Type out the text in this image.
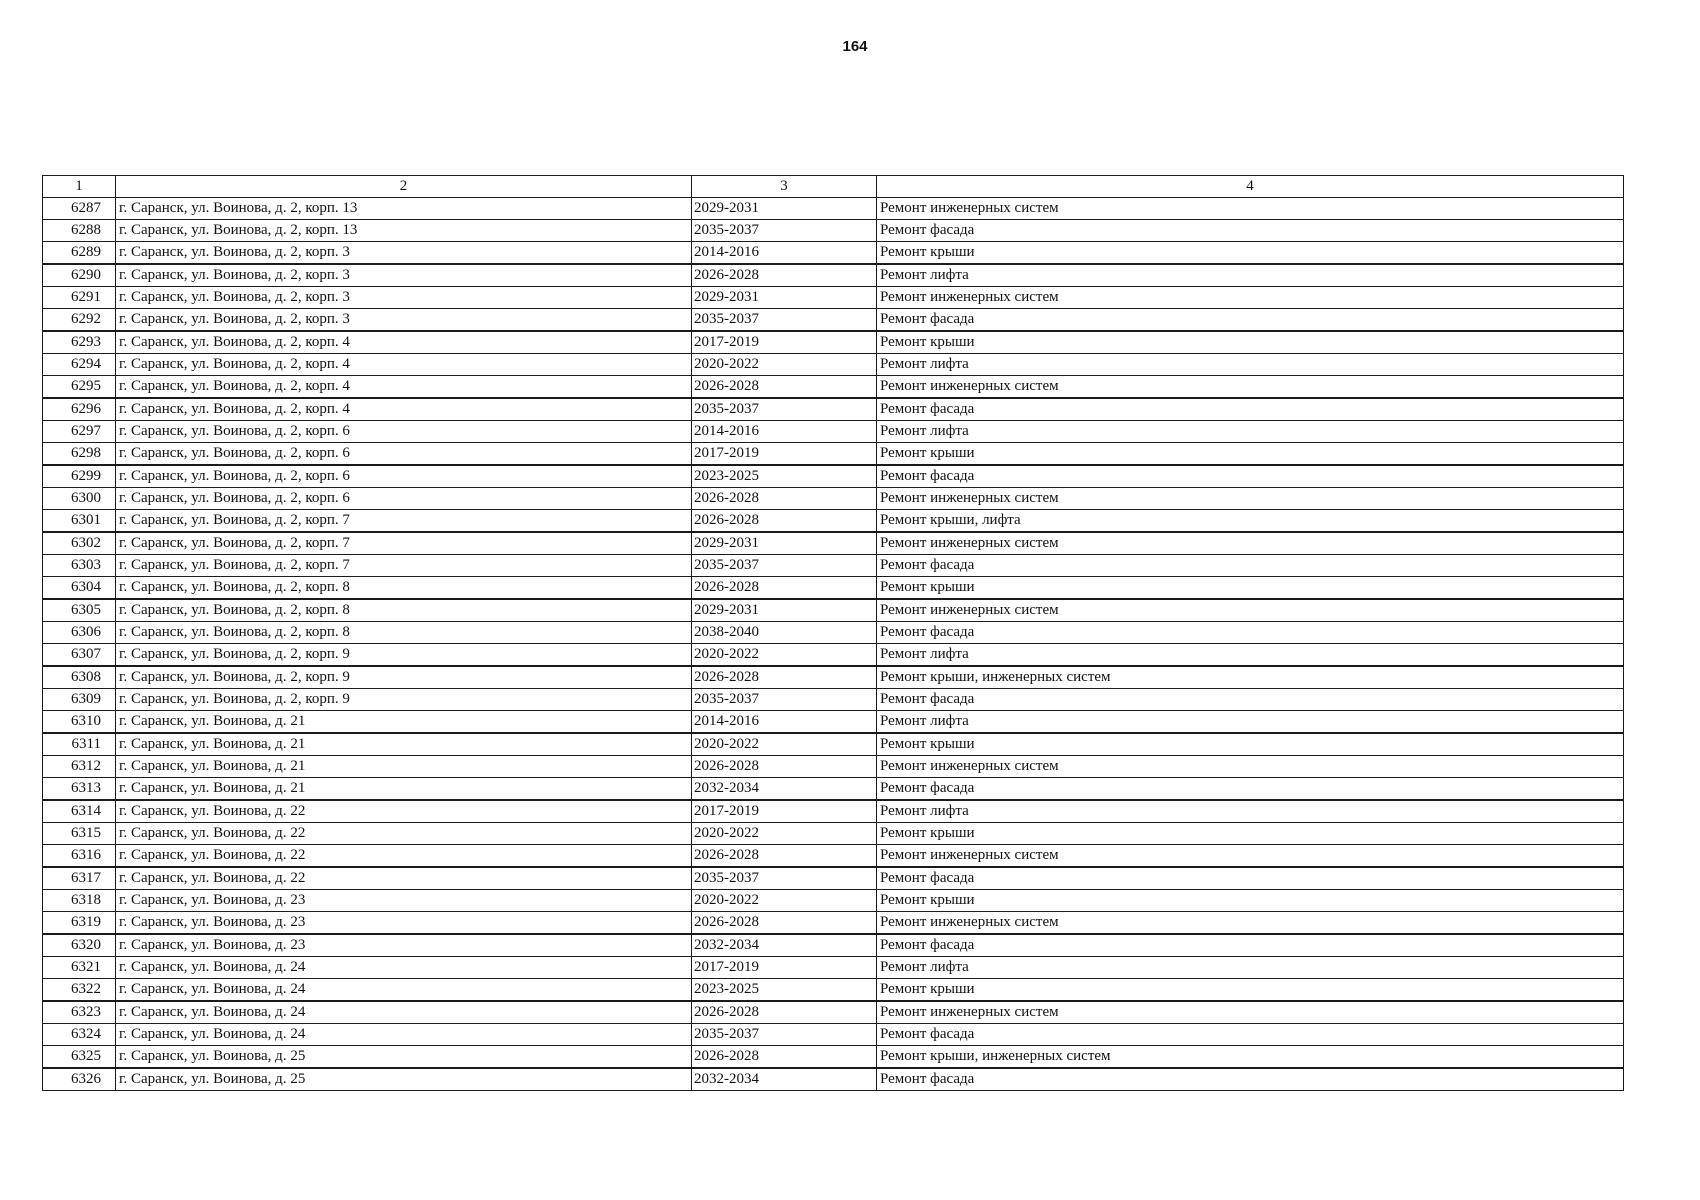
164
1	2	3	4
6287	г. Саранск, ул. Воинова, д. 2, корп. 13	2029-2031	Ремонт инженерных систем
6288	г. Саранск, ул. Воинова, д. 2, корп. 13	2035-2037	Ремонт фасада
6289	г. Саранск, ул. Воинова, д. 2, корп. 3	2014-2016	Ремонт крыши
6290	г. Саранск, ул. Воинова, д. 2, корп. 3	2026-2028	Ремонт лифта
6291	г. Саранск, ул. Воинова, д. 2, корп. 3	2029-2031	Ремонт инженерных систем
6292	г. Саранск, ул. Воинова, д. 2, корп. 3	2035-2037	Ремонт фасада
6293	г. Саранск, ул. Воинова, д. 2, корп. 4	2017-2019	Ремонт крыши
6294	г. Саранск, ул. Воинова, д. 2, корп. 4	2020-2022	Ремонт лифта
6295	г. Саранск, ул. Воинова, д. 2, корп. 4	2026-2028	Ремонт инженерных систем
6296	г. Саранск, ул. Воинова, д. 2, корп. 4	2035-2037	Ремонт фасада
6297	г. Саранск, ул. Воинова, д. 2, корп. 6	2014-2016	Ремонт лифта
6298	г. Саранск, ул. Воинова, д. 2, корп. 6	2017-2019	Ремонт крыши
6299	г. Саранск, ул. Воинова, д. 2, корп. 6	2023-2025	Ремонт фасада
6300	г. Саранск, ул. Воинова, д. 2, корп. 6	2026-2028	Ремонт инженерных систем
6301	г. Саранск, ул. Воинова, д. 2, корп. 7	2026-2028	Ремонт крыши, лифта
6302	г. Саранск, ул. Воинова, д. 2, корп. 7	2029-2031	Ремонт инженерных систем
6303	г. Саранск, ул. Воинова, д. 2, корп. 7	2035-2037	Ремонт фасада
6304	г. Саранск, ул. Воинова, д. 2, корп. 8	2026-2028	Ремонт крыши
6305	г. Саранск, ул. Воинова, д. 2, корп. 8	2029-2031	Ремонт инженерных систем
6306	г. Саранск, ул. Воинова, д. 2, корп. 8	2038-2040	Ремонт фасада
6307	г. Саранск, ул. Воинова, д. 2, корп. 9	2020-2022	Ремонт лифта
6308	г. Саранск, ул. Воинова, д. 2, корп. 9	2026-2028	Ремонт крыши, инженерных систем
6309	г. Саранск, ул. Воинова, д. 2, корп. 9	2035-2037	Ремонт фасада
6310	г. Саранск, ул. Воинова, д. 21	2014-2016	Ремонт лифта
6311	г. Саранск, ул. Воинова, д. 21	2020-2022	Ремонт крыши
6312	г. Саранск, ул. Воинова, д. 21	2026-2028	Ремонт инженерных систем
6313	г. Саранск, ул. Воинова, д. 21	2032-2034	Ремонт фасада
6314	г. Саранск, ул. Воинова, д. 22	2017-2019	Ремонт лифта
6315	г. Саранск, ул. Воинова, д. 22	2020-2022	Ремонт крыши
6316	г. Саранск, ул. Воинова, д. 22	2026-2028	Ремонт инженерных систем
6317	г. Саранск, ул. Воинова, д. 22	2035-2037	Ремонт фасада
6318	г. Саранск, ул. Воинова, д. 23	2020-2022	Ремонт крыши
6319	г. Саранск, ул. Воинова, д. 23	2026-2028	Ремонт инженерных систем
6320	г. Саранск, ул. Воинова, д. 23	2032-2034	Ремонт фасада
6321	г. Саранск, ул. Воинова, д. 24	2017-2019	Ремонт лифта
6322	г. Саранск, ул. Воинова, д. 24	2023-2025	Ремонт крыши
6323	г. Саранск, ул. Воинова, д. 24	2026-2028	Ремонт инженерных систем
6324	г. Саранск, ул. Воинова, д. 24	2035-2037	Ремонт фасада
6325	г. Саранск, ул. Воинова, д. 25	2026-2028	Ремонт крыши, инженерных систем
6326	г. Саранск, ул. Воинова, д. 25	2032-2034	Ремонт фасада
